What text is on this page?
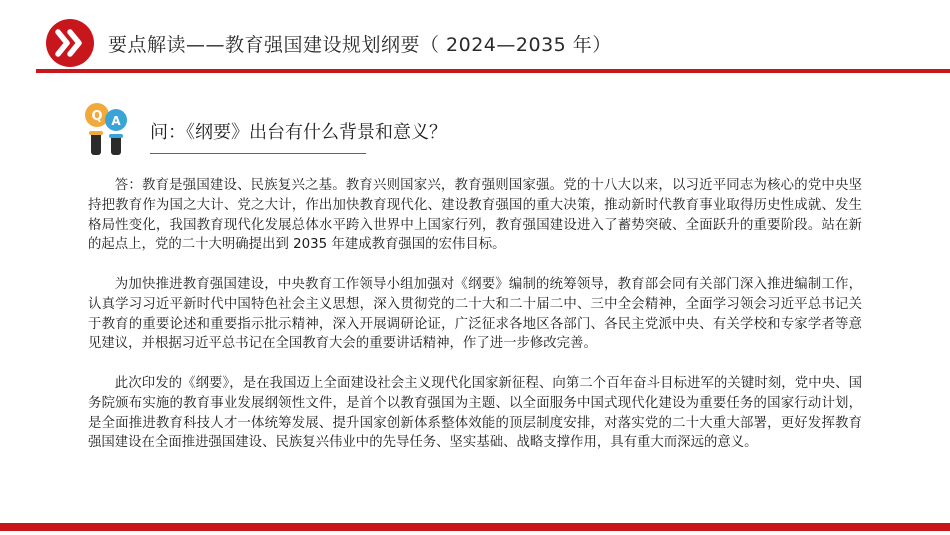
要点解读——教育强国建设规划纲要（ 2024—2035 年）
Q A
问：《纲要》出台有什么背景和意义？

答：教育是强国建设、民族复兴之基。教育兴则国家兴，教育强则国家强。党的十八大以来，以习近平同志为核心的党中央坚持把教育作为国之大计、党之大计，作出加快教育现代化、建设教育强国的重大决策，推动新时代教育事业取得历史性成就、发生格局性变化，我国教育现代化发展总体水平跨入世界中上国家行列，教育强国建设进入了蓄势突破、全面跃升的重要阶段。站在新的起点上，党的二十大明确提出到 2035 年建成教育强国的宏伟目标。

为加快推进教育强国建设，中央教育工作领导小组加强对《纲要》编制的统筹领导，教育部会同有关部门深入推进编制工作，认真学习习近平新时代中国特色社会主义思想，深入贯彻党的二十大和二十届二中、三中全会精神，全面学习领会习近平总书记关于教育的重要论述和重要指示批示精神，深入开展调研论证，广泛征求各地区各部门、各民主党派中央、有关学校和专家学者等意见建议，并根据习近平总书记在全国教育大会的重要讲话精神，作了进一步修改完善。

此次印发的《纲要》，是在我国迈上全面建设社会主义现代化国家新征程、向第二个百年奋斗目标进军的关键时刻，党中央、国务院颁布实施的教育事业发展纲领性文件，是首个以教育强国为主题、以全面服务中国式现代化建设为重要任务的国家行动计划，是全面推进教育科技人才一体统筹发展、提升国家创新体系整体效能的顶层制度安排，对落实党的二十大重大部署，更好发挥教育强国建设在全面推进强国建设、民族复兴伟业中的先导任务、坚实基础、战略支撑作用，具有重大而深远的意义。
